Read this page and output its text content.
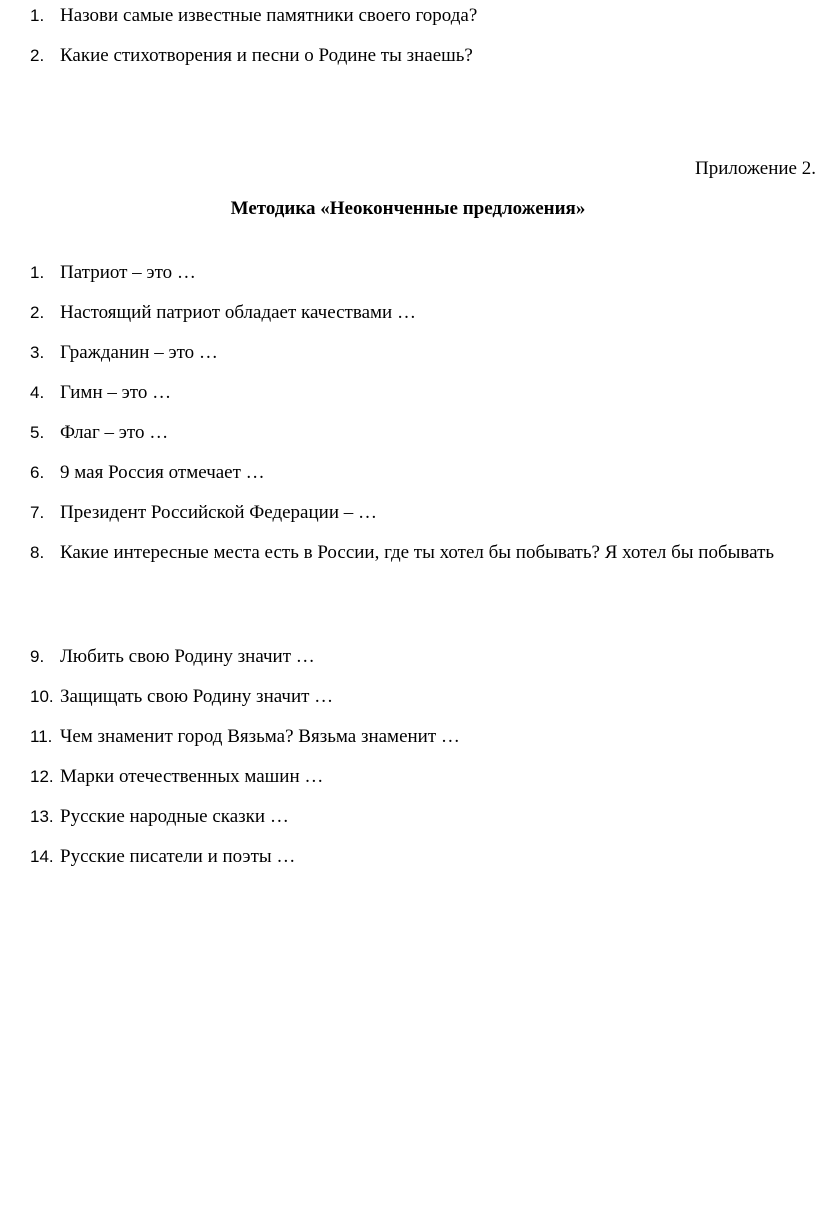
1. Назови самые известные памятники своего города?
2. Какие стихотворения и песни о Родине ты знаешь?
Приложение 2.
Методика «Неоконченные предложения»
1. Патриот – это …
2. Настоящий патриот обладает качествами …
3. Гражданин – это …
4. Гимн – это …
5. Флаг – это …
6. 9 мая Россия отмечает …
7. Президент Российской Федерации – …
8. Какие интересные места есть в России, где ты хотел бы побывать? Я хотел бы побывать
9. Любить свою Родину значит …
10. Защищать свою Родину значит …
11. Чем знаменит город Вязьма? Вязьма знаменит …
12. Марки отечественных машин …
13. Русские народные сказки …
14. Русские писатели и поэты …
